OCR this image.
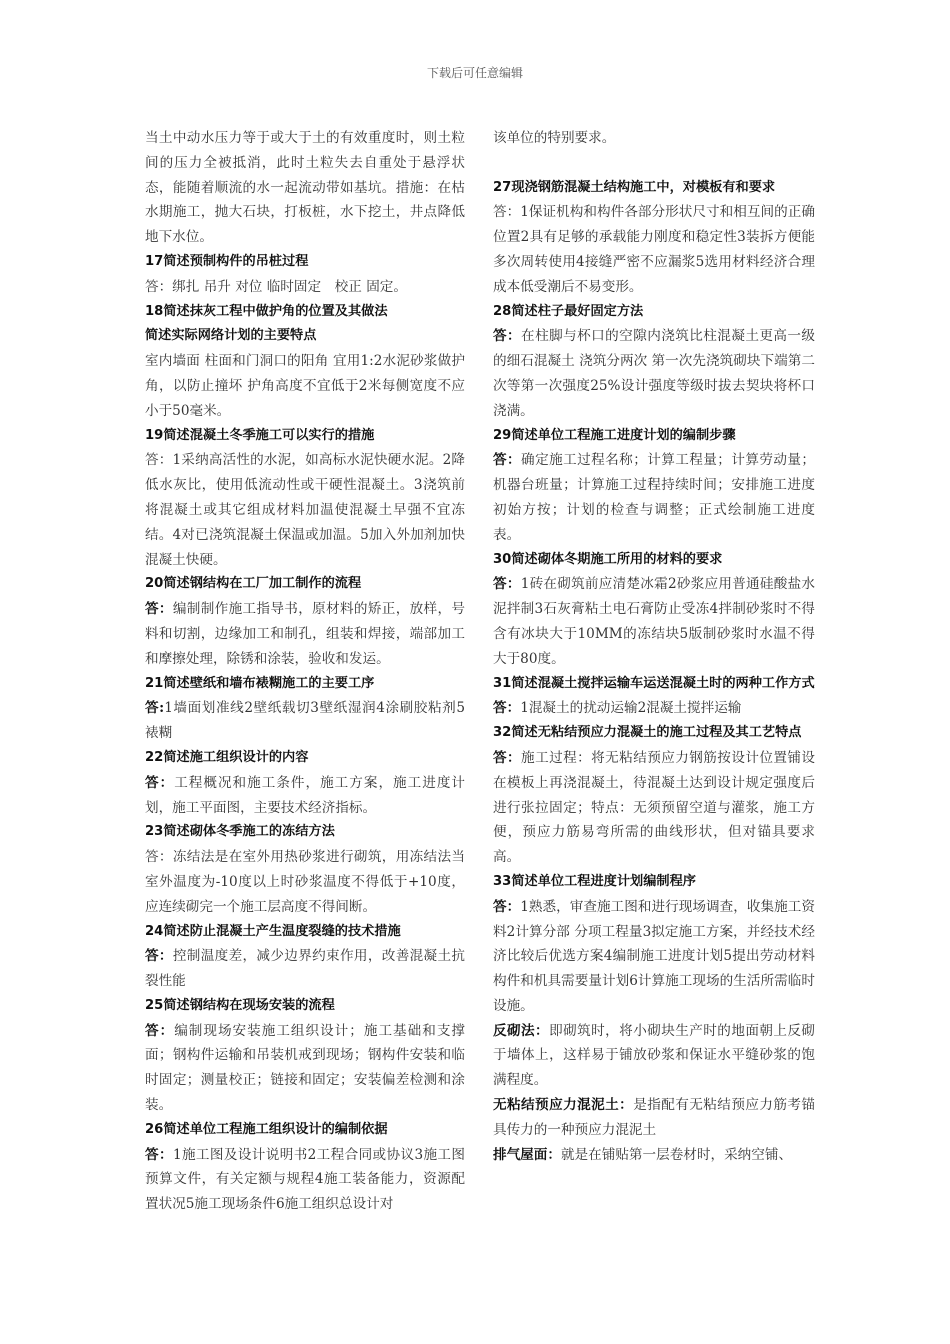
下载后可任意编辑
当土中动水压力等于或大于土的有效重度时，则土粒间的压力全被抵消，此时土粒失去自重处于悬浮状态，能随着顺流的水一起流动带如基坑。措施：在枯水期施工，抛大石块，打板桩，水下挖土，井点降低地下水位。
17简述预制构件的吊桩过程
答：绑扎 吊升 对位 临时固定　校正 固定。
18简述抹灰工程中做护角的位置及其做法
简述实际网络计划的主要特点
室内墙面 柱面和门洞口的阳角 宜用1:2水泥砂浆做护角，以防止撞坏 护角高度不宜低于2米每侧宽度不应小于50毫米。
19简述混凝土冬季施工可以实行的措施
答：1采纳高活性的水泥，如高标水泥快硬水泥。2降低水灰比，使用低流动性或干硬性混凝土。3浇筑前将混凝土或其它组成材料加温使混凝土早强不宜冻结。4对已浇筑混凝土保温或加温。5加入外加剂加快混凝土快硬。
20简述钢结构在工厂加工制作的流程
答：编制制作施工指导书，原材料的矫正，放样，号料和切割，边缘加工和制孔，组装和焊接，端部加工和摩擦处理，除锈和涂装，验收和发运。
21简述壁纸和墙布裱糊施工的主要工序
答:1墙面划准线2壁纸载切3壁纸湿润4涂刷胶粘剂5裱糊
22简述施工组织设计的内容
答：工程概况和施工条件，施工方案，施工进度计划，施工平面图，主要技术经济指标。
23简述砌体冬季施工的冻结方法
答：冻结法是在室外用热砂浆进行砌筑，用冻结法当室外温度为-10度以上时砂浆温度不得低于+10度，应连续砌完一个施工层高度不得间断。
24简述防止混凝土产生温度裂缝的技术措施
答：控制温度差，减少边界约束作用，改善混凝土抗裂性能
25简述钢结构在现场安装的流程
答：编制现场安装施工组织设计；施工基础和支撑面；钢构件运输和吊装机戒到现场；钢构件安装和临时固定；测量校正；链接和固定；安装偏差检测和涂装。
26简述单位工程施工组织设计的编制依据
答：1施工图及设计说明书2工程合同或协议3施工图预算文件，有关定额与规程4施工装备能力，资源配置状况5施工现场条件6施工组织总设计对
该单位的特别要求。
27现浇钢筋混凝土结构施工中，对模板有和要求
答：1保证机构和构件各部分形状尺寸和相互间的正确位置2具有足够的承载能力刚度和稳定性3装拆方便能多次周转使用4接缝严密不应漏浆5选用材料经济合理成本低受潮后不易变形。
28简述柱子最好固定方法
答：在柱脚与杯口的空隙内浇筑比柱混凝土更高一级的细石混凝土 浇筑分两次 第一次先浇筑砌块下端第二次等第一次强度25%设计强度等级时拔去契块将杯口浇满。
29简述单位工程施工进度计划的编制步骤
答：确定施工过程名称；计算工程量；计算劳动量；机器台班量；计算施工过程持续时间；安排施工进度初始方按；计划的检查与调整；正式绘制施工进度表。
30简述砌体冬期施工所用的材料的要求
答：1砖在砌筑前应清楚冰霜2砂浆应用普通硅酸盐水泥拌制3石灰膏粘土电石膏防止受冻4拌制砂浆时不得含有冰块大于10MM的冻结块5版制砂浆时水温不得大于80度。
31简述混凝土搅拌运输车运送混凝土时的两种工作方式
答：1混凝土的扰动运输2混凝土搅拌运输
32简述无粘结预应力混凝土的施工过程及其工艺特点
答：施工过程：将无粘结预应力钢筋按设计位置铺设在模板上再浇混凝土，待混凝土达到设计规定强度后进行张拉固定；特点：无须预留空道与灌浆，施工方便，预应力筋易弯所需的曲线形状，但对锚具要求高。
33简述单位工程进度计划编制程序
答：1熟悉，审查施工图和进行现场调查，收集施工资料2计算分部 分项工程量3拟定施工方案，并经技术经济比较后优选方案4编制施工进度计划5提出劳动材料 构件和机具需要量计划6计算施工现场的生活所需临时设施。
反砌法：即砌筑时，将小砌块生产时的地面朝上反砌于墙体上，这样易于铺放砂浆和保证水平缝砂浆的饱满程度。
无粘结预应力混泥土：是指配有无粘结预应力筋考锚具传力的一种预应力混泥土
排气屋面：就是在铺贴第一层卷材时，采纳空铺、
